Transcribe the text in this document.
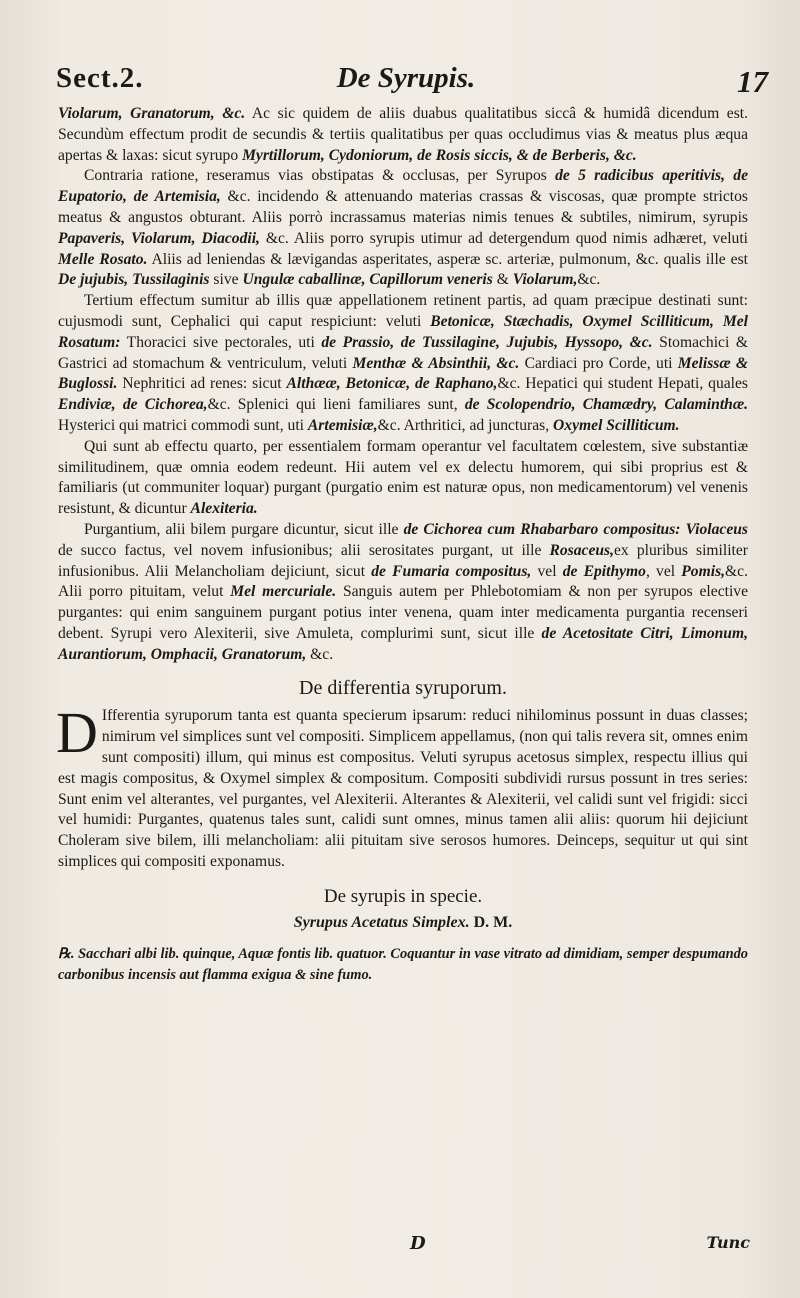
Sect.2.	De Syrupis.	17

Violarum, Granatorum, &c. Ac sic quidem de aliis duabus qualitatibus siccâ & humidâ dicendum est. Secundùm effectum prodit de secundis & tertiis qualitatibus per quas occludimus vias & meatus plus æqua apertas & laxas: sicut syrupo Myrtillorum, Cydoniorum, de Rosis siccis, & de Berberis, &c.

Contraria ratione, reseramus vias obstipatas & occlusas, per Syrupos de 5 radicibus aperitivis, de Eupatorio, de Artemisia, &c. incidendo & attenuando materias crassas & viscosas, quæ prompte strictos meatus & angustos obturant. Aliis porrò incrassamus materias nimis tenues & subtiles, nimirum, syrupis Papaveris, Violarum, Diacodii, &c. Aliis porro syrupis utimur ad detergendum quod nimis adhæret, veluti Melle Rosato. Aliis ad leniendas & lævigandas asperitates, asperæ sc. arteriæ, pulmonum, &c. qualis ille est De jujubis, Tussilaginis sive Ungulæ caballinæ, Capillorum veneris & Violarum,&c.

Tertium effectum sumitur ab illis quæ appellationem retinent partis, ad quam præcipue destinati sunt: cujusmodi sunt, Cephalici qui caput respiciunt: veluti Betonicæ, Stæchadis, Oxymel Scilliticum, Mel Rosatum: Thoracici sive pectorales, uti de Prassio, de Tussilagine, Jujubis, Hyssopo, &c. Stomachici & Gastrici ad stomachum & ventriculum, veluti Menthæ & Absinthii, &c. Cardiaci pro Corde, uti Melissæ & Buglossi. Nephritici ad renes: sicut Althææ, Betonicæ, de Raphano,&c. Hepatici qui student Hepati, quales Endiviæ, de Cichorea,&c. Splenici qui lieni familiares sunt, de Scolopendrio, Chamædry, Calaminthæ. Hysterici qui matrici commodi sunt, uti Artemisiæ,&c. Arthritici, ad juncturas, Oxymel Scilliticum.

Qui sunt ab effectu quarto, per essentialem formam operantur vel facultatem cœlestem, sive substantiæ similitudinem, quæ omnia eodem redeunt. Hii autem vel ex delectu humorem, qui sibi proprius est & familiaris (ut communiter loquar) purgant (purgatio enim est naturæ opus, non medicamentorum) vel venenis resistunt, & dicuntur Alexiteria.

Purgantium, alii bilem purgare dicuntur, sicut ille de Cichorea cum Rhabarbaro compositus: Violaceus de succo factus, vel novem infusionibus; alii serositates purgant, ut ille Rosaceus,ex pluribus similiter infusionibus. Alii Melancholiam dejiciunt, sicut de Fumaria compositus, vel de Epithymo, vel Pomis,&c. Alii porro pituitam, velut Mel mercuriale. Sanguis autem per Phlebotomiam & non per syrupos elective purgantes: qui enim sanguinem purgant potius inter venena, quam inter medicamenta purgantia recenseri debent. Syrupi vero Alexiterii, sive Amuleta, complurimi sunt, sicut ille de Acetositate Citri, Limonum, Aurantiorum, Omphacii, Granatorum, &c.

De differentia syruporum.

D Ifferentia syruporum tanta est quanta specierum ipsarum: reduci nihilominus possunt in duas classes; nimirum vel simplices sunt vel compositi. Simplicem appellamus, (non qui talis revera sit, omnes enim sunt compositi) illum, qui minus est compositus. Veluti syrupus acetosus simplex, respectu illius qui est magis compositus, & Oxymel simplex & compositum. Compositi subdividi rursus possunt in tres series: Sunt enim vel alterantes, vel purgantes, vel Alexiterii. Alterantes & Alexiterii, vel calidi sunt vel frigidi: sicci vel humidi: Purgantes, quatenus tales sunt, calidi sunt omnes, minus tamen alii aliis: quorum hii dejiciunt Choleram sive bilem, illi melancholiam: alii pituitam sive serosos humores. Deinceps, sequitur ut qui sint simplices qui compositi exponamus.

De syrupis in specie.
Syrupus Acetatus Simplex. D. M.

℞. Sacchari albi lib. quinque, Aquæ fontis lib. quatuor. Coquantur in vase vitrato ad dimidiam, semper despumando carbonibus incensis aut flamma exigua & sine fumo.

D	Tunc
